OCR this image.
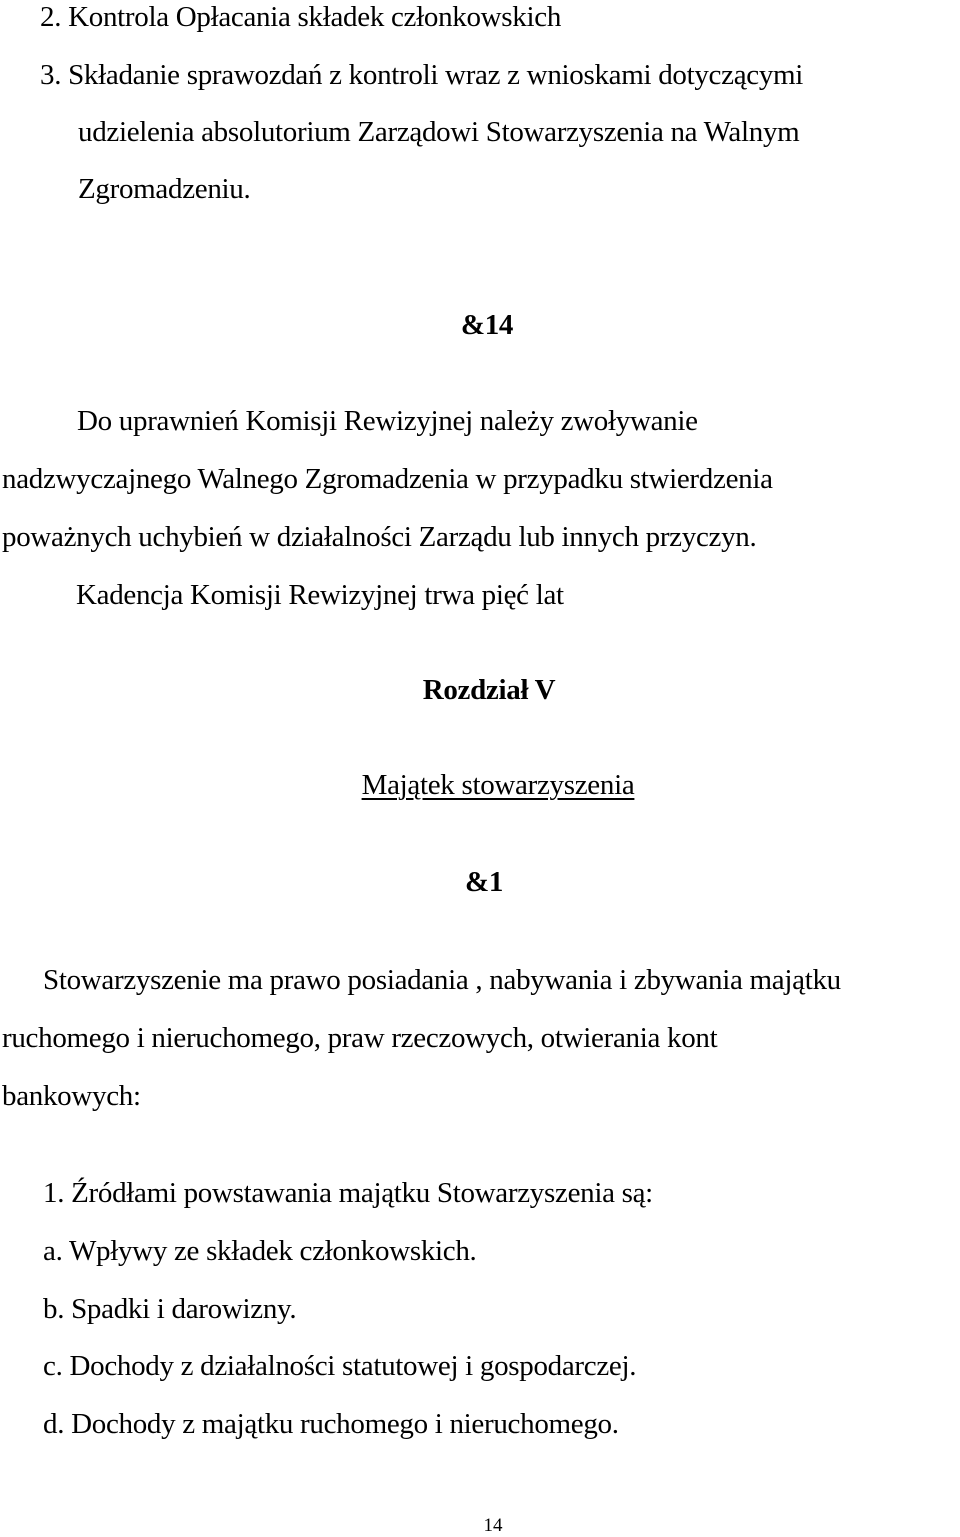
2. Kontrola Opłacania składek członkowskich
3. Składanie sprawozdań z kontroli wraz z wnioskami dotyczącymi
udzielenia absolutorium Zarządowi Stowarzyszenia na Walnym
Zgromadzeniu.
&14
Do uprawnień Komisji Rewizyjnej należy zwoływanie
nadzwyczajnego Walnego Zgromadzenia w przypadku stwierdzenia
poważnych uchybień w działalności Zarządu lub innych przyczyn.
Kadencja Komisji Rewizyjnej trwa pięć lat
Rozdział V
Majątek stowarzyszenia
&1
Stowarzyszenie ma prawo posiadania , nabywania i zbywania majątku
ruchomego i nieruchomego, praw rzeczowych, otwierania kont
bankowych:
1. Źródłami powstawania majątku Stowarzyszenia są:
a. Wpływy ze składek członkowskich.
b. Spadki i darowizny.
c. Dochody z działalności statutowej i gospodarczej.
d. Dochody z majątku ruchomego i nieruchomego.
14
